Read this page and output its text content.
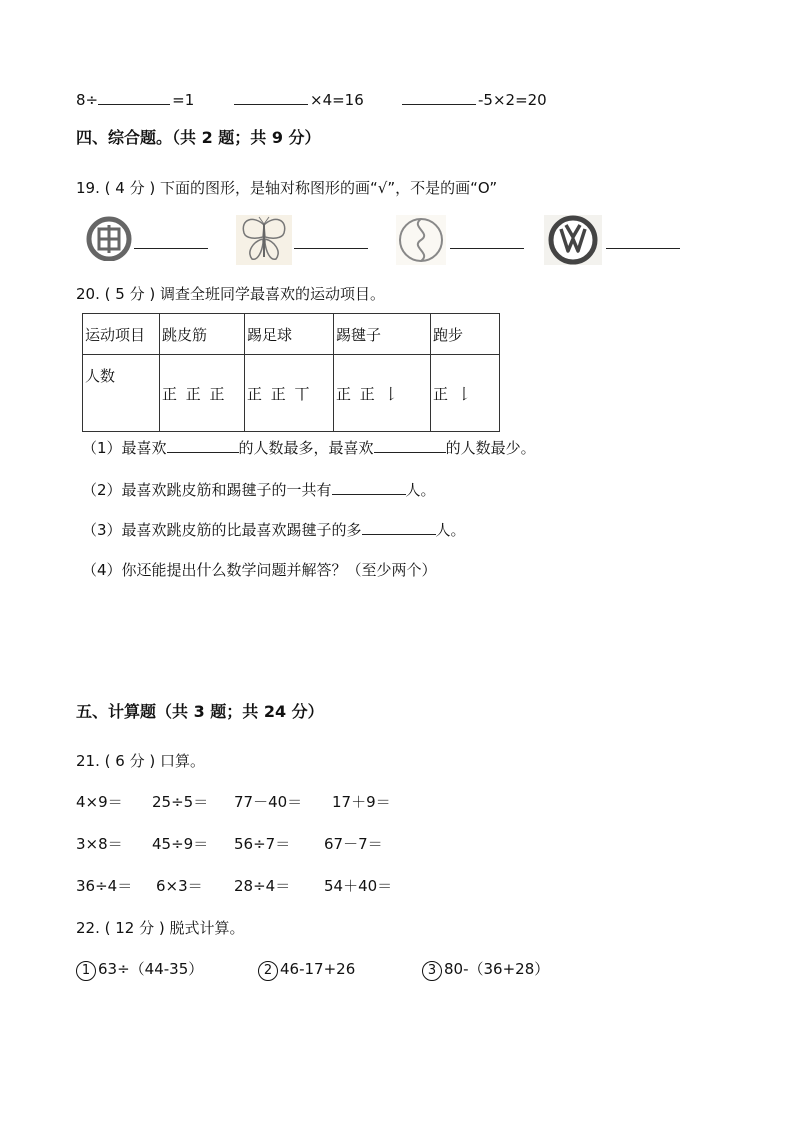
8÷	=1	×4=16	-5×2=20
四、综合题。（共 2 题；共 9 分）
19. ( 4 分 ) 下面的图形，是轴对称图形的画“√”，不是的画“O”
20. ( 5 分 ) 调查全班同学最喜欢的运动项目。
运动项目	跳皮筋	踢足球	踢毽子	跑步
人数	正 正 正	正 正 丅	正 正 𠄌	正 𠄌
（1）最喜欢	的人数最多，最喜欢	的人数最少。
（2）最喜欢跳皮筋和踢毽子的一共有	人。
（3）最喜欢跳皮筋的比最喜欢踢毽子的多	人。
（4）你还能提出什么数学问题并解答？（至少两个）
五、计算题（共 3 题；共 24 分）
21. ( 6 分 ) 口算。
4×9＝ 25÷5＝ 77－40＝ 17＋9＝
3×8＝ 45÷9＝ 56÷7＝ 67－7＝
36÷4＝ 6×3＝ 28÷4＝ 54＋40＝
22. ( 12 分 ) 脱式计算。
1 63÷（44-35）	2 46-17+26	3 80-（36+28）
